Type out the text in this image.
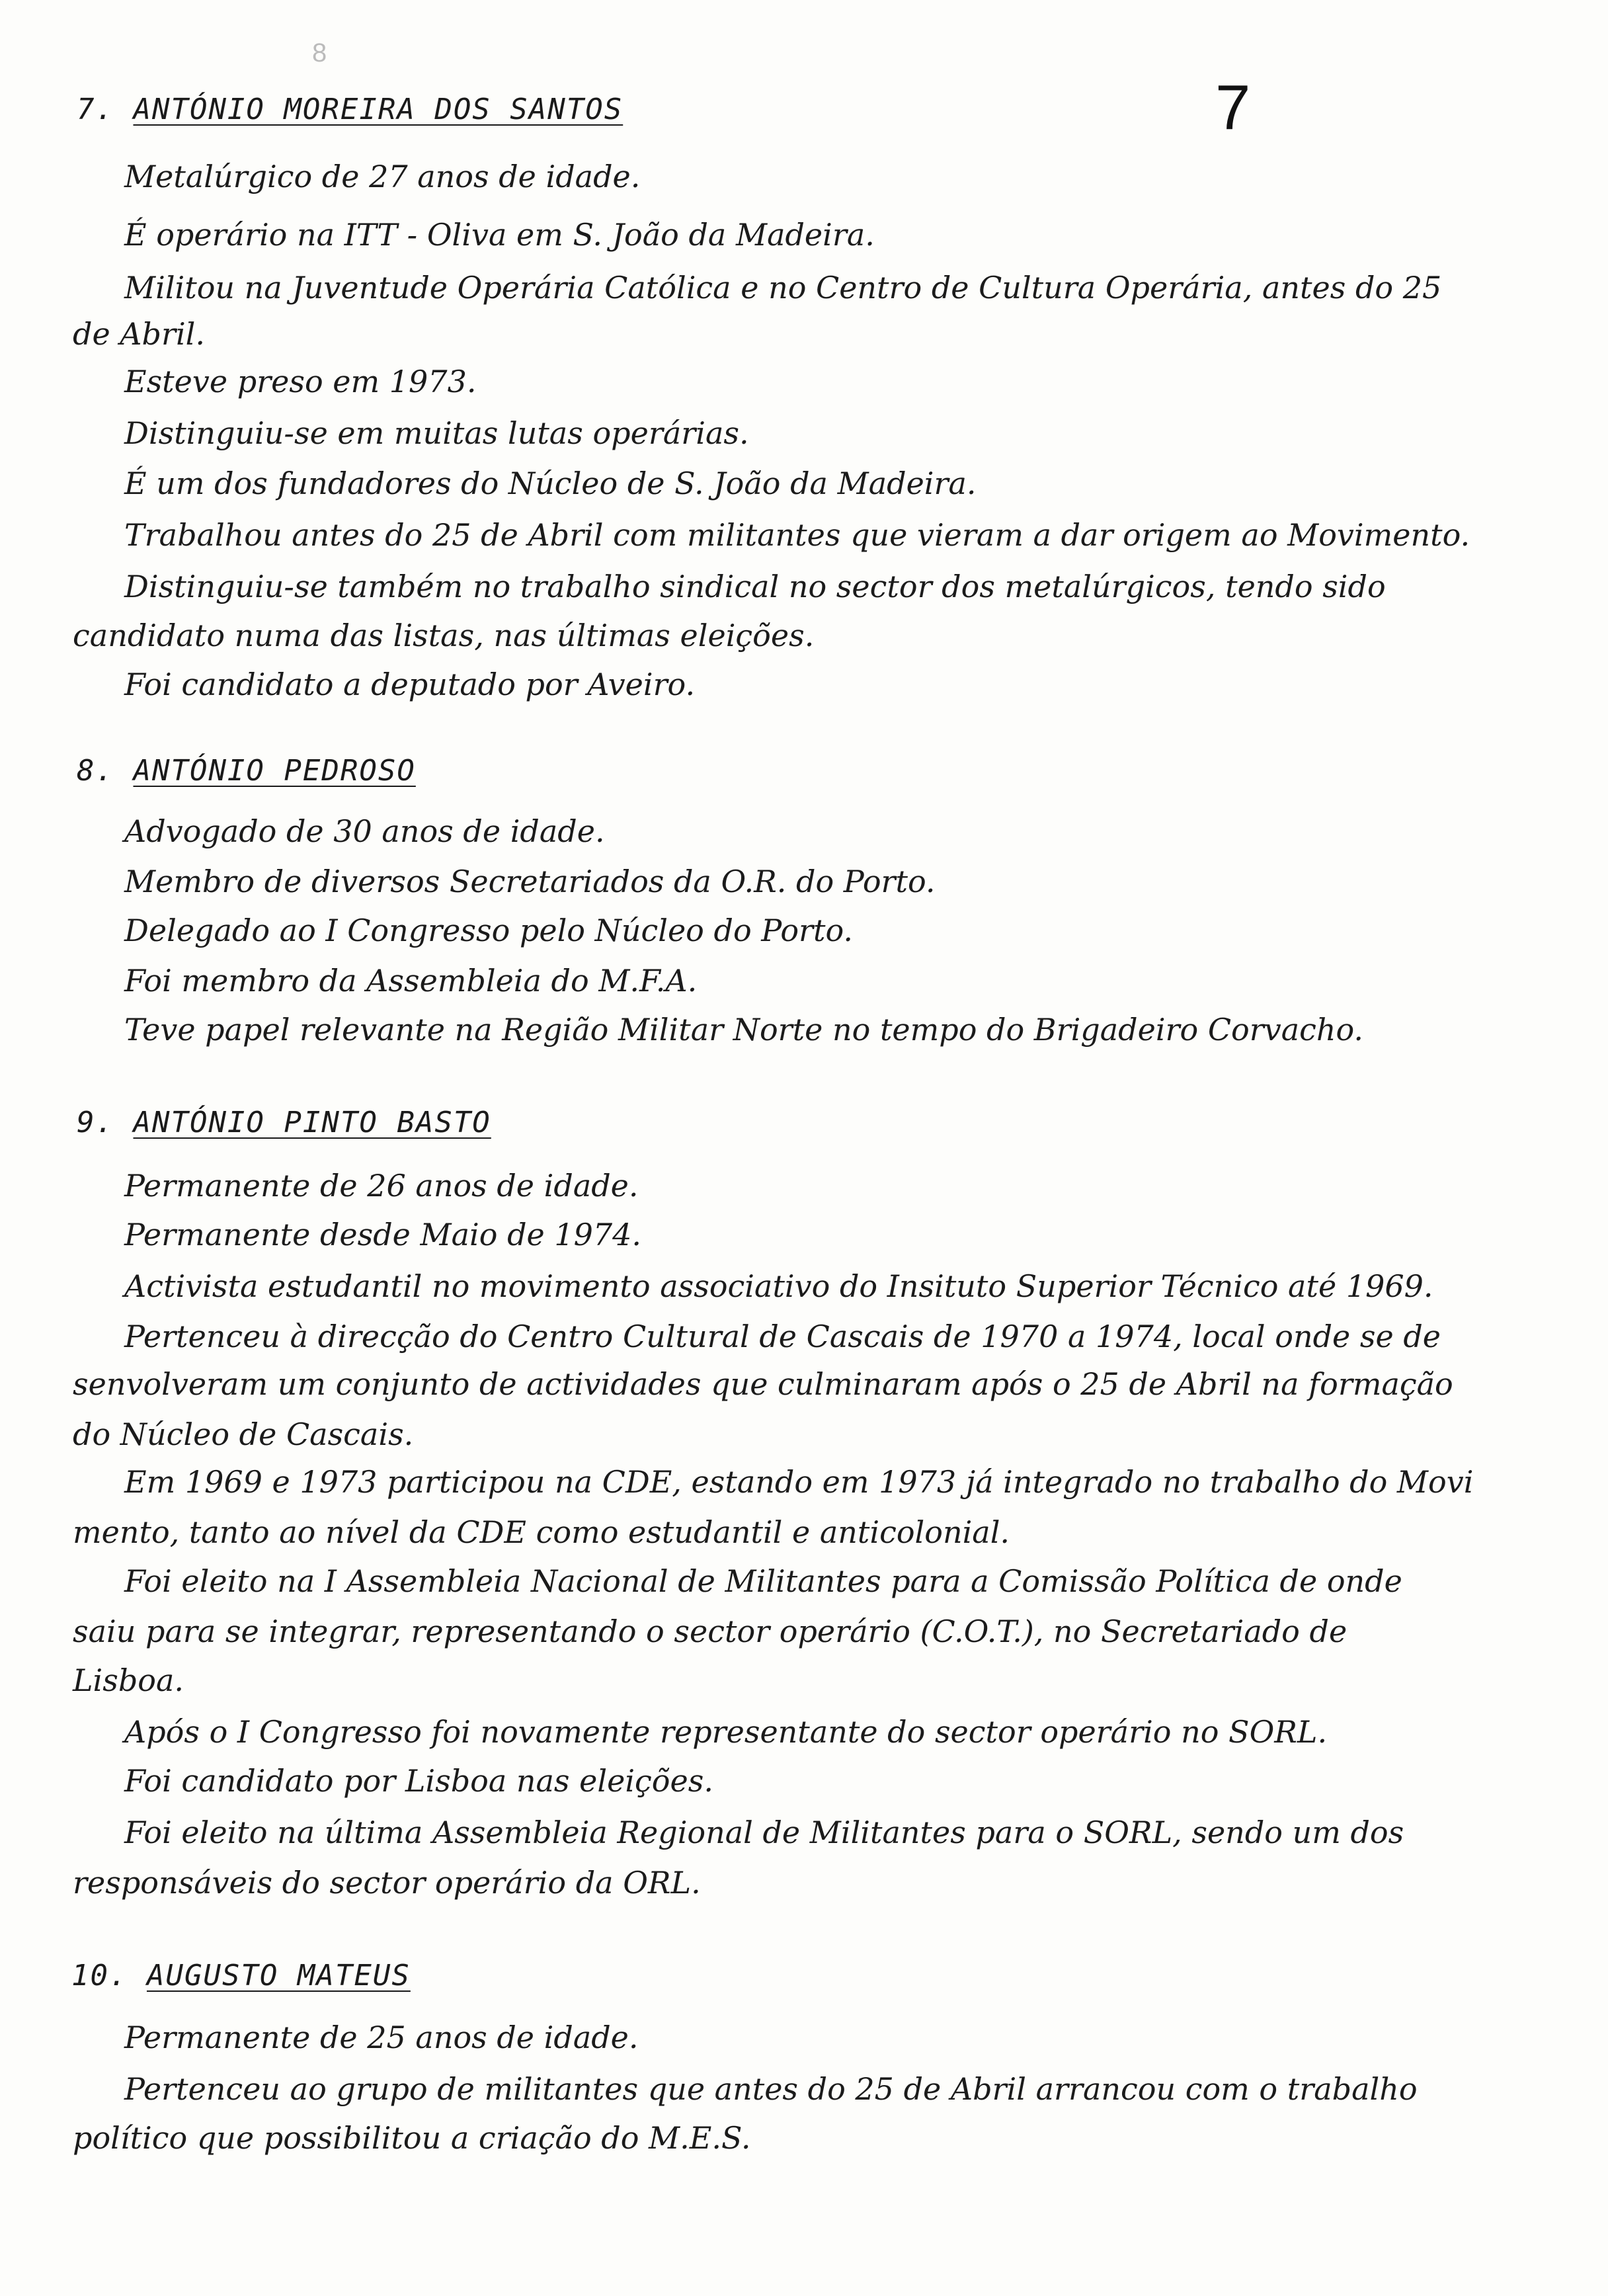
8
7
7. ANTÓNIO MOREIRA DOS SANTOS
Metalúrgico de 27 anos de idade.
É operário na ITT - Oliva em S. João da Madeira.
Militou na Juventude Operária Católica e no Centro de Cultura Operária, antes do 25
de Abril.
Esteve preso em 1973.
Distinguiu-se em muitas lutas operárias.
É um dos fundadores do Núcleo de S. João da Madeira.
Trabalhou antes do 25 de Abril com militantes que vieram a dar origem ao Movimento.
Distinguiu-se também no trabalho sindical no sector dos metalúrgicos, tendo sido
candidato numa das listas, nas últimas eleições.
Foi candidato a deputado por Aveiro.
8. ANTÓNIO PEDROSO
Advogado de 30 anos de idade.
Membro de diversos Secretariados da O.R. do Porto.
Delegado ao I Congresso pelo Núcleo do Porto.
Foi membro da Assembleia do M.F.A.
Teve papel relevante na Região Militar Norte no tempo do Brigadeiro Corvacho.
9. ANTÓNIO PINTO BASTO
Permanente de 26 anos de idade.
Permanente desde Maio de 1974.
Activista estudantil no movimento associativo do Insituto Superior Técnico até 1969.
Pertenceu à direcção do Centro Cultural de Cascais de 1970 a 1974, local onde se de
senvolveram um conjunto de actividades que culminaram após o 25 de Abril na formação
do Núcleo de Cascais.
Em 1969 e 1973 participou na CDE, estando em 1973 já integrado no trabalho do Movi
mento, tanto ao nível da CDE como estudantil e anticolonial.
Foi eleito na I Assembleia Nacional de Militantes para a Comissão Política de onde
saiu para se integrar, representando o sector operário (C.O.T.), no Secretariado de
Lisboa.
Após o I Congresso foi novamente representante do sector operário no SORL.
Foi candidato por Lisboa nas eleições.
Foi eleito na última Assembleia Regional de Militantes para o SORL, sendo um dos
responsáveis do sector operário da ORL.
10. AUGUSTO MATEUS
Permanente de 25 anos de idade.
Pertenceu ao grupo de militantes que antes do 25 de Abril arrancou com o trabalho
político que possibilitou a criação do M.E.S.
